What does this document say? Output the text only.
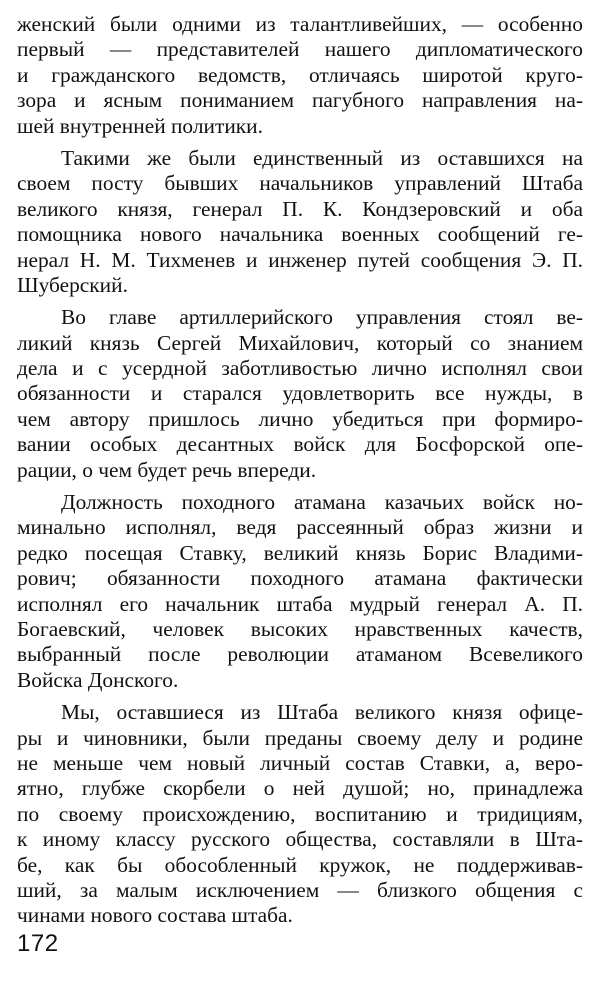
женский были одними из талантливейших, — особенно
первый — представителей нашего дипломатического
и гражданского ведомств, отличаясь широтой круго-
зора и ясным пониманием пагубного направления на-
шей внутренней политики.
Такими же были единственный из оставшихся на
своем посту бывших начальников управлений Штаба
великого князя, генерал П. К. Кондзеровский и оба
помощника нового начальника военных сообщений ге-
нерал Н. М. Тихменев и инженер путей сообщения Э. П.
Шуберский.
Во главе артиллерийского управления стоял ве-
ликий князь Сергей Михайлович, который со знанием
дела и с усердной заботливостью лично исполнял свои
обязанности и старался удовлетворить все нужды, в
чем автору пришлось лично убедиться при формиро-
вании особых десантных войск для Босфорской опе-
рации, о чем будет речь впереди.
Должность походного атамана казачьих войск но-
минально исполнял, ведя рассеянный образ жизни и
редко посещая Ставку, великий князь Борис Владими-
рович; обязанности походного атамана фактически
исполнял его начальник штаба мудрый генерал А. П.
Богаевский, человек высоких нравственных качеств,
выбранный после революции атаманом Всевеликого
Войска Донского.
Мы, оставшиеся из Штаба великого князя офице-
ры и чиновники, были преданы своему делу и родине
не меньше чем новый личный состав Ставки, а, веро-
ятно, глубже скорбели о ней душой; но, принадлежа
по своему происхождению, воспитанию и тридициям,
к иному классу русского общества, составляли в Шта-
бе, как бы обособленный кружок, не поддерживав-
ший, за малым исключением — близкого общения с
чинами нового состава штаба.
172
